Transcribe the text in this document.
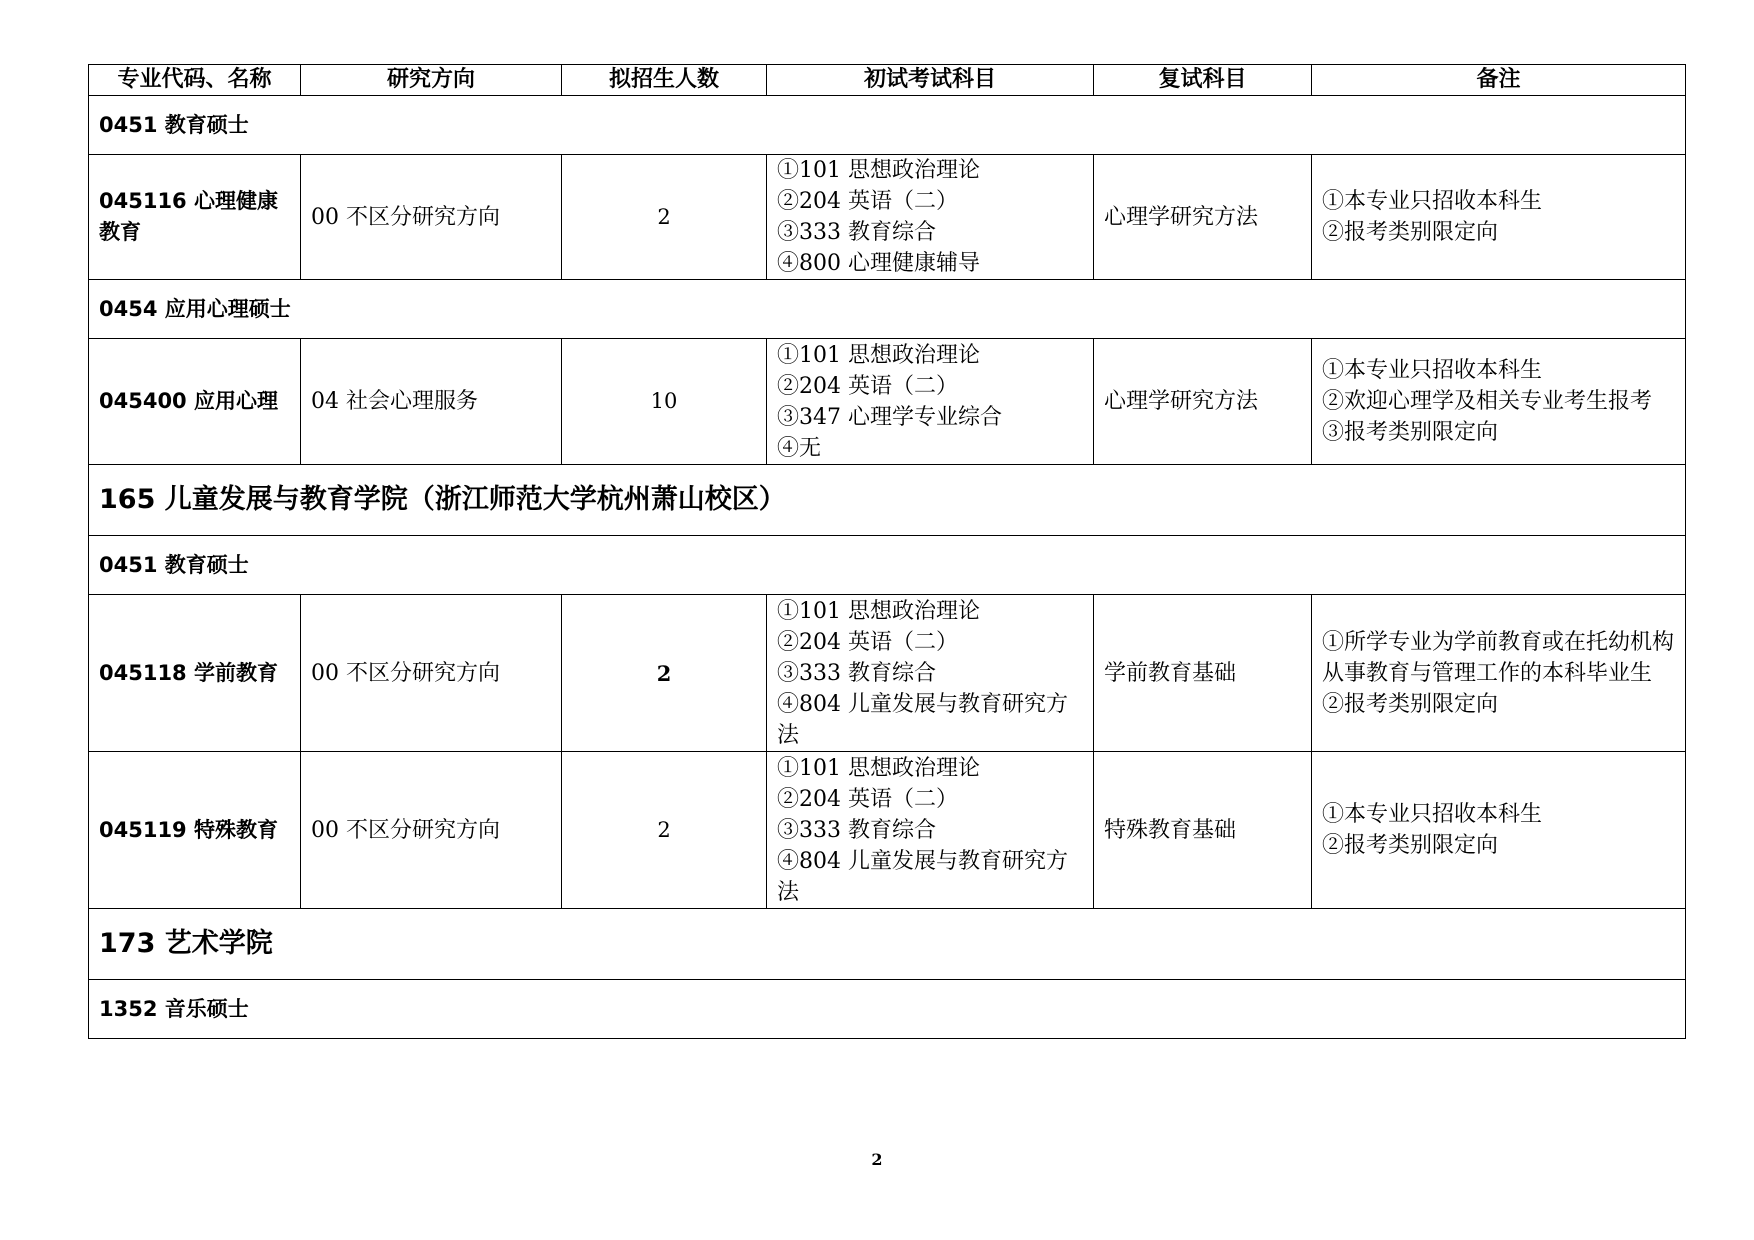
专业代码、名称	研究方向	拟招生人数	初试考试科目	复试科目	备注
0451 教育硕士					

045116 心理健康
教育	00 不区分研究方向	2	①101 思想政治理论
②204 英语（二）
③333 教育综合
④800 心理健康辅导	心理学研究方法	①本专业只招收本科生
②报考类别限定向

0454 应用心理硕士					

045400 应用心理	04 社会心理服务	10	①101 思想政治理论
②204 英语（二）
③347 心理学专业综合
④无	心理学研究方法	①本专业只招收本科生
②欢迎心理学及相关专业考生报考
③报考类别限定向

165 儿童发展与教育学院（浙江师范大学杭州萧山校区）					
0451 教育硕士					
045118 学前教育	00 不区分研究方向	2	①101 思想政治理论
②204 英语（二）
③333 教育综合
④804 儿童发展与教育研究方法	学前教育基础	①所学专业为学前教育或在托幼机构从事教育与管理工作的本科毕业生
②报考类别限定向

045119 特殊教育	00 不区分研究方向	2	①101 思想政治理论
②204 英语（二）
③333 教育综合
④804 儿童发展与教育研究方法	特殊教育基础	①本专业只招收本科生
②报考类别限定向

173 艺术学院					
1352 音乐硕士					
2
